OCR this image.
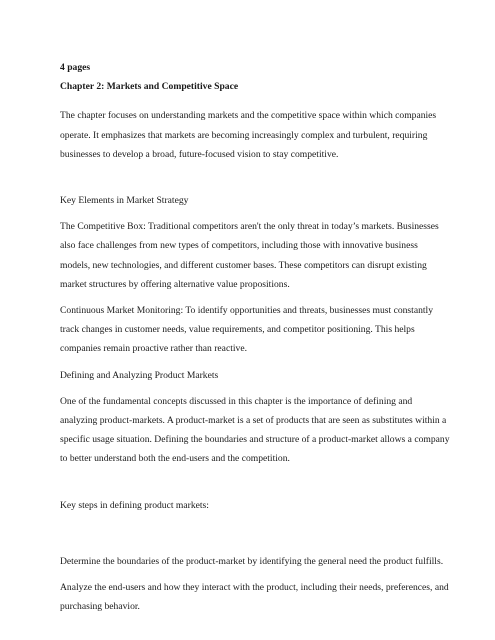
4 pages
Chapter 2: Markets and Competitive Space

The chapter focuses on understanding markets and the competitive space within which companies operate. It emphasizes that markets are becoming increasingly complex and turbulent, requiring businesses to develop a broad, future-focused vision to stay competitive.

Key Elements in Market Strategy

The Competitive Box: Traditional competitors aren't the only threat in today’s markets. Businesses also face challenges from new types of competitors, including those with innovative business models, new technologies, and different customer bases. These competitors can disrupt existing market structures by offering alternative value propositions.

Continuous Market Monitoring: To identify opportunities and threats, businesses must constantly track changes in customer needs, value requirements, and competitor positioning. This helps companies remain proactive rather than reactive.

Defining and Analyzing Product Markets

One of the fundamental concepts discussed in this chapter is the importance of defining and analyzing product-markets. A product-market is a set of products that are seen as substitutes within a specific usage situation. Defining the boundaries and structure of a product-market allows a company to better understand both the end-users and the competition.

Key steps in defining product markets:

Determine the boundaries of the product-market by identifying the general need the product fulfills.

Analyze the end-users and how they interact with the product, including their needs, preferences, and purchasing behavior.
